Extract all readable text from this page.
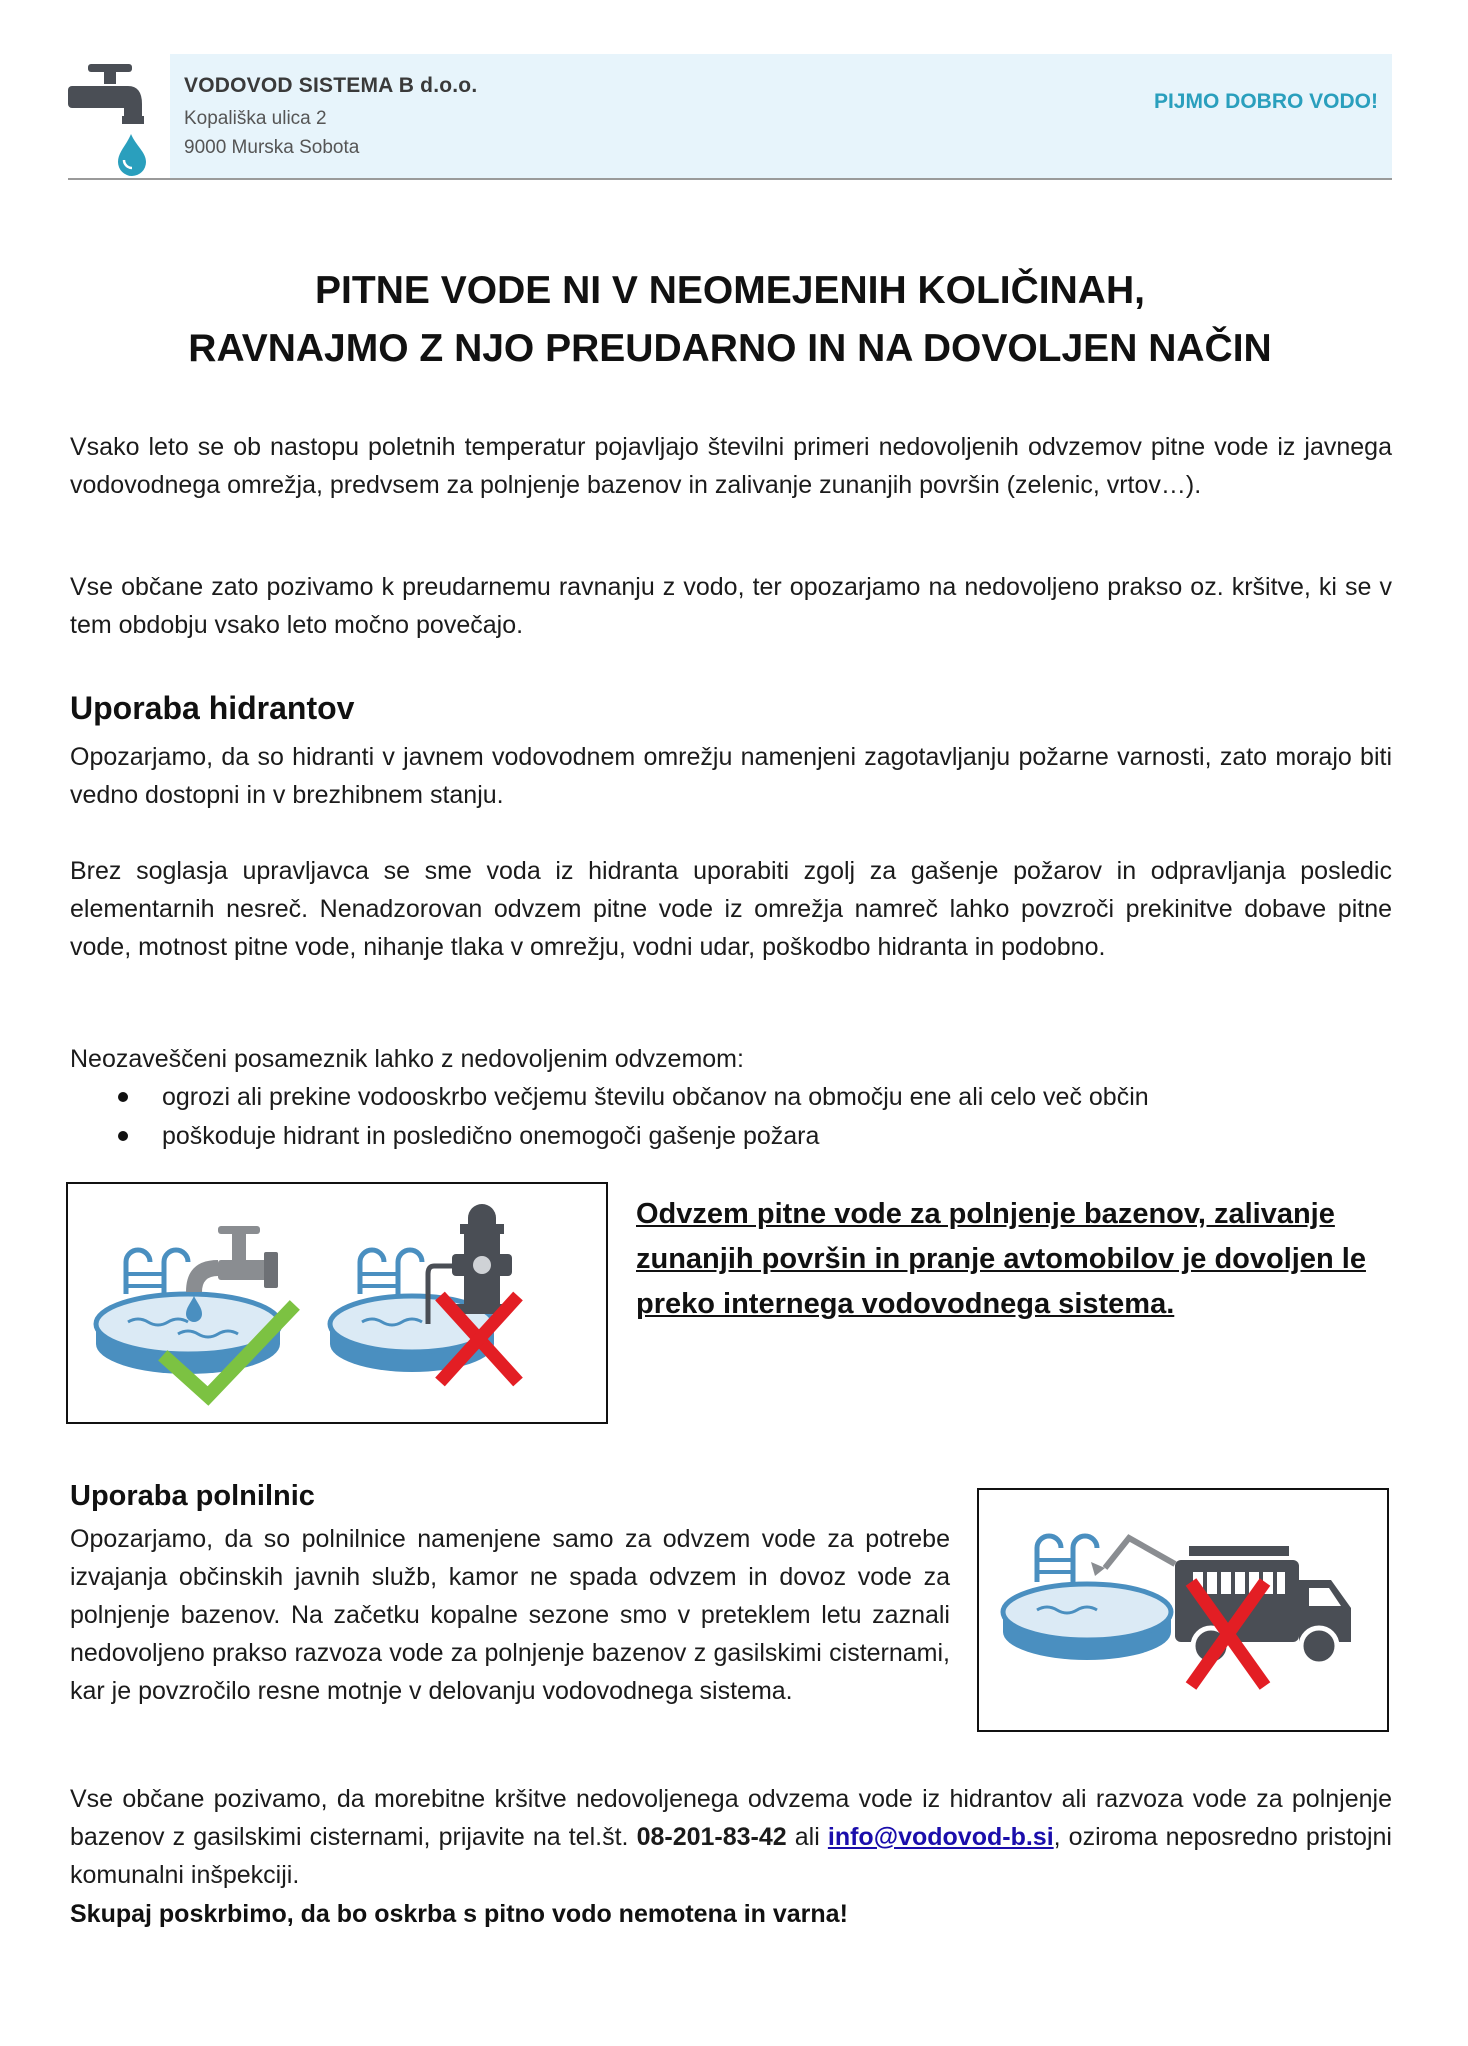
VODOVOD SISTEMA B d.o.o.
Kopališka ulica 2
9000 Murska Sobota
PIJMO DOBRO VODO!
PITNE VODE NI V NEOMEJENIH KOLIČINAH,
RAVNAJMO Z NJO PREUDARNO IN NA DOVOLJEN NAČIN
Vsako leto se ob nastopu poletnih temperatur pojavljajo številni primeri nedovoljenih odvzemov pitne vode iz javnega vodovodnega omrežja, predvsem za polnjenje bazenov in zalivanje zunanjih površin (zelenic, vrtov…).
Vse občane zato pozivamo k preudarnemu ravnanju z vodo, ter opozarjamo na nedovoljeno prakso oz. kršitve, ki se v tem obdobju vsako leto močno povečajo.
Uporaba hidrantov
Opozarjamo, da so hidranti v javnem vodovodnem omrežju namenjeni zagotavljanju požarne varnosti, zato morajo biti vedno dostopni in v brezhibnem stanju.
Brez soglasja upravljavca se sme voda iz hidranta uporabiti zgolj za gašenje požarov in odpravljanja posledic elementarnih nesreč. Nenadzorovan odvzem pitne vode iz omrežja namreč lahko povzroči prekinitve dobave pitne vode, motnost pitne vode, nihanje tlaka v omrežju, vodni udar, poškodbo hidranta in podobno.
Neozaveščeni posameznik lahko z nedovoljenim odvzemom:
ogrozi ali prekine vodooskrbo večjemu številu občanov na območju ene ali celo več občin
poškoduje hidrant in posledično onemogoči gašenje požara
Odvzem pitne vode za polnjenje bazenov, zalivanje zunanjih površin in pranje avtomobilov je dovoljen le preko internega vodovodnega sistema.
Uporaba polnilnic
Opozarjamo, da so polnilnice namenjene samo za odvzem vode za potrebe izvajanja občinskih javnih služb, kamor ne spada odvzem in dovoz vode za polnjenje bazenov. Na začetku kopalne sezone smo v preteklem letu zaznali nedovoljeno prakso razvoza vode za polnjenje bazenov z gasilskimi cisternami, kar je povzročilo resne motnje v delovanju vodovodnega sistema.
Vse občane pozivamo, da morebitne kršitve nedovoljenega odvzema vode iz hidrantov ali razvoza vode za polnjenje bazenov z gasilskimi cisternami, prijavite na tel.št. 08-201-83-42 ali info@vodovod-b.si, oziroma neposredno pristojni komunalni inšpekciji.
Skupaj poskrbimo, da bo oskrba s pitno vodo nemotena in varna!
